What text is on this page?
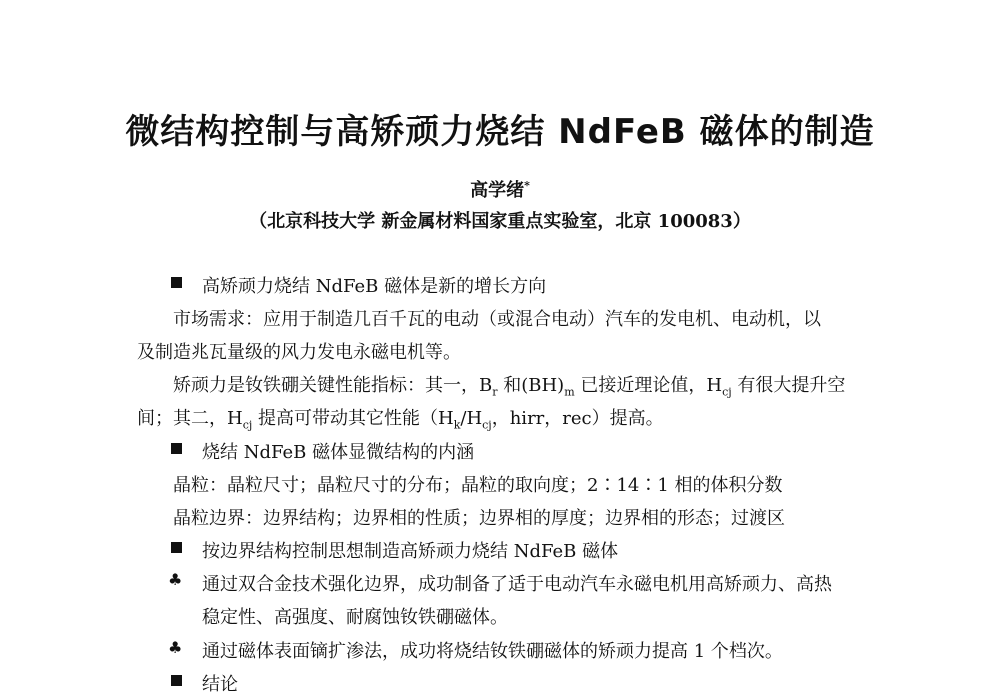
微结构控制与高矫顽力烧结 NdFeB 磁体的制造
高学绪*
（北京科技大学 新金属材料国家重点实验室，北京 100083）
高矫顽力烧结 NdFeB 磁体是新的增长方向
市场需求：应用于制造几百千瓦的电动（或混合电动）汽车的发电机、电动机，以
及制造兆瓦量级的风力发电永磁电机等。
矫顽力是钕铁硼关键性能指标：其一，$B_r$ 和$(BH)_m$ 已接近理论值，$H_{cj}$ 有很大提升空
间；其二，$H_{cj}$ 提高可带动其它性能（$H_k/H_{cj}$，hirr，rec）提高。
烧结 NdFeB 磁体显微结构的内涵
晶粒：晶粒尺寸；晶粒尺寸的分布；晶粒的取向度；2∶14∶1 相的体积分数
晶粒边界：边界结构；边界相的性质；边界相的厚度；边界相的形态；过渡区
按边界结构控制思想制造高矫顽力烧结 NdFeB 磁体
♣ 通过双合金技术强化边界，成功制备了适于电动汽车永磁电机用高矫顽力、高热
稳定性、高强度、耐腐蚀钕铁硼磁体。
♣ 通过磁体表面镝扩渗法，成功将烧结钕铁硼磁体的矫顽力提高 1 个档次。
结论
